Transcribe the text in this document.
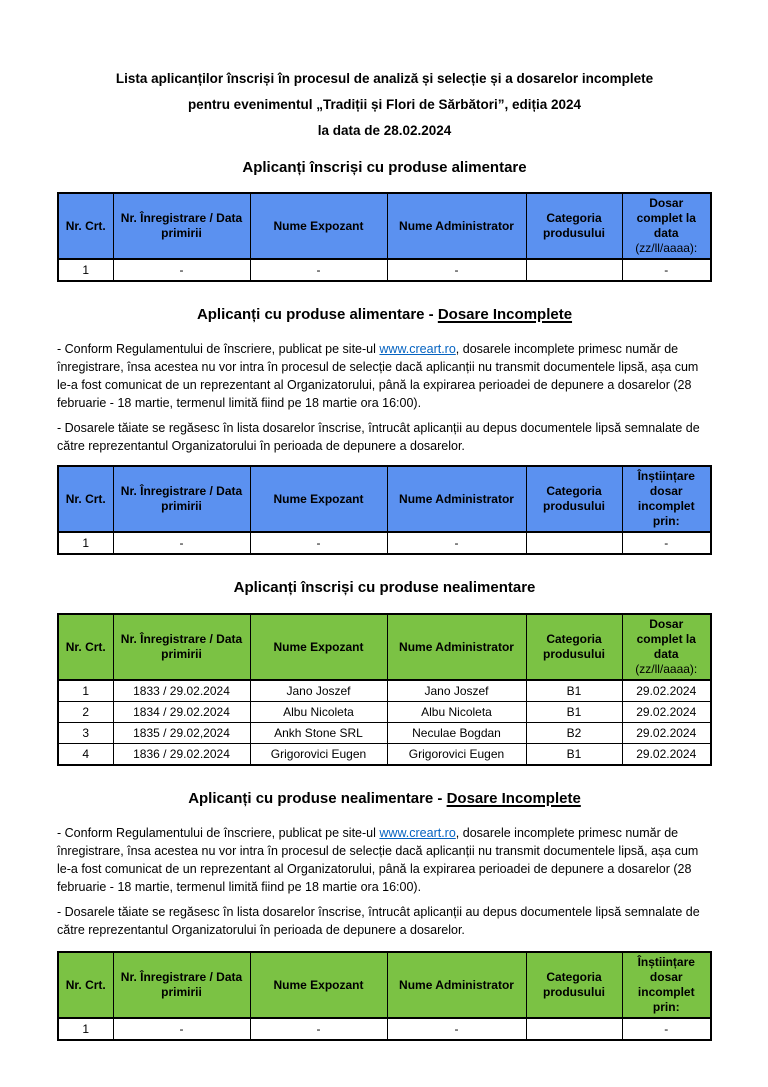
Lista aplicanților înscriși în procesul de analiză și selecție și a dosarelor incomplete
pentru evenimentul „Tradiții și Flori de Sărbători”, ediția 2024
la data de 28.02.2024
Aplicanți înscriși cu produse alimentare
Nr. Crt.	Nr. Înregistrare / Data primirii	Nume Expozant	Nume Administrator	Categoria produsului	Dosar complet la data
(zz/ll/aaaa):
1	-	-	-		-
Aplicanți cu produse alimentare - Dosare Incomplete

- Conform Regulamentului de înscriere, publicat pe site-ul www.creart.ro, dosarele incomplete primesc număr de înregistrare, însa acestea nu vor intra în procesul de selecție dacă aplicanții nu transmit documentele lipsă, așa cum le-a fost comunicat de un reprezentant al Organizatorului, până la expirarea perioadei de depunere a dosarelor (28 februarie - 18 martie, termenul limită fiind pe 18 martie ora 16:00).

- Dosarele tăiate se regăsesc în lista dosarelor înscrise, întrucât aplicanții au depus documentele lipsă semnalate de către reprezentantul Organizatorului în perioada de depunere a dosarelor.

Nr. Crt.	Nr. Înregistrare / Data primirii	Nume Expozant	Nume Administrator	Categoria produsului	Înștiințare dosar incomplet prin:
1	-	-	-		-
Aplicanți înscriși cu produse nealimentare
Nr. Crt.	Nr. Înregistrare / Data primirii	Nume Expozant	Nume Administrator	Categoria produsului	Dosar complet la data
(zz/ll/aaaa):
1	1833 / 29.02.2024	Jano Joszef	Jano Joszef	B1	29.02.2024
2	1834 / 29.02.2024	Albu Nicoleta	Albu Nicoleta	B1	29.02.2024
3	1835 / 29.02,2024	Ankh Stone SRL	Neculae Bogdan	B2	29.02.2024
4	1836 / 29.02.2024	Grigorovici Eugen	Grigorovici Eugen	B1	29.02.2024
Aplicanți cu produse nealimentare - Dosare Incomplete

- Conform Regulamentului de înscriere, publicat pe site-ul www.creart.ro, dosarele incomplete primesc număr de înregistrare, însa acestea nu vor intra în procesul de selecție dacă aplicanții nu transmit documentele lipsă, așa cum le-a fost comunicat de un reprezentant al Organizatorului, până la expirarea perioadei de depunere a dosarelor (28 februarie - 18 martie, termenul limită fiind pe 18 martie ora 16:00).

- Dosarele tăiate se regăsesc în lista dosarelor înscrise, întrucât aplicanții au depus documentele lipsă semnalate de către reprezentantul Organizatorului în perioada de depunere a dosarelor.

Nr. Crt.	Nr. Înregistrare / Data primirii	Nume Expozant	Nume Administrator	Categoria produsului	Înștiințare dosar incomplet prin:
1	-	-	-		-
